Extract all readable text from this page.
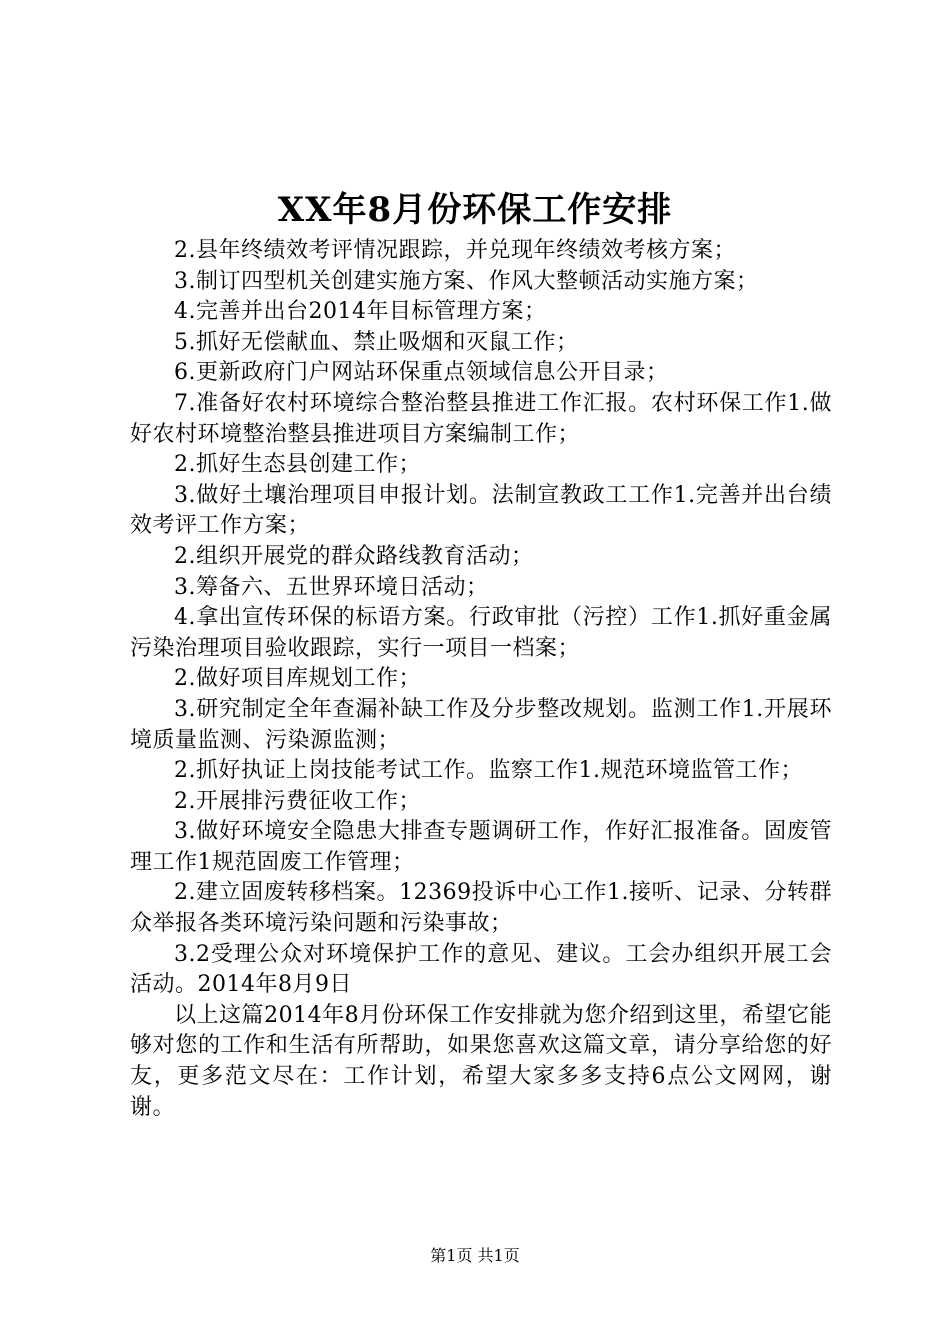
XX年8月份环保工作安排

2.县年终绩效考评情况跟踪，并兑现年终绩效考核方案；

3.制订四型机关创建实施方案、作风大整顿活动实施方案；

4.完善并出台2014年目标管理方案；

5.抓好无偿献血、禁止吸烟和灭鼠工作；

6.更新政府门户网站环保重点领域信息公开目录；

7.准备好农村环境综合整治整县推进工作汇报。农村环保工作1.做好农村环境整治整县推进项目方案编制工作；

2.抓好生态县创建工作；

3.做好土壤治理项目申报计划。法制宣教政工工作1.完善并出台绩效考评工作方案；

2.组织开展党的群众路线教育活动；

3.筹备六、五世界环境日活动；

4.拿出宣传环保的标语方案。行政审批（污控）工作1.抓好重金属污染治理项目验收跟踪，实行一项目一档案；

2.做好项目库规划工作；

3.研究制定全年查漏补缺工作及分步整改规划。监测工作1.开展环境质量监测、污染源监测；

2.抓好执证上岗技能考试工作。监察工作1.规范环境监管工作；

2.开展排污费征收工作；

3.做好环境安全隐患大排查专题调研工作，作好汇报准备。固废管理工作1规范固废工作管理；

2.建立固废转移档案。12369投诉中心工作1.接听、记录、分转群众举报各类环境污染问题和污染事故；

3.2受理公众对环境保护工作的意见、建议。工会办组织开展工会活动。2014年8月9日

以上这篇2014年8月份环保工作安排就为您介绍到这里，希望它能够对您的工作和生活有所帮助，如果您喜欢这篇文章，请分享给您的好友，更多范文尽在：工作计划，希望大家多多支持6点公文网网，谢谢。

第1页 共1页
